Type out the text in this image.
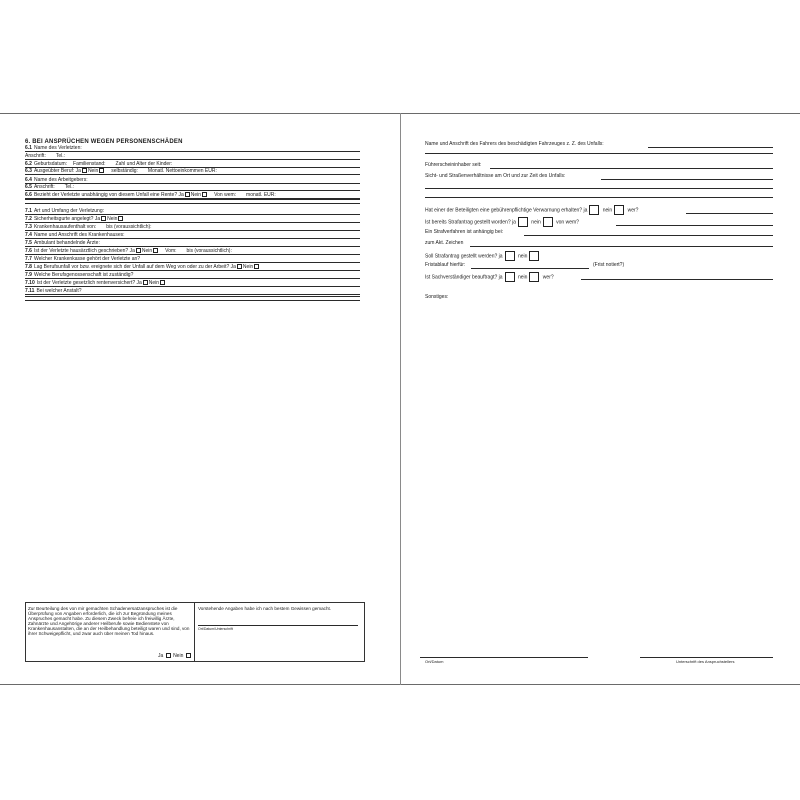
6. BEI ANSPRÜCHEN WEGEN PERSONENSCHÄDEN
6.1 Name des Verletzten:
Anschrift: Tel.:
6.2 Geburtsdatum: Familienstand: Zahl und Alter der Kinder:
6.3 Ausgeübter Beruf: Ja Nein	selbständig: Monatl. Nettoeinkommen EUR:
6.4 Name des Arbeitgebers:
6.5 Anschrift: Tel.:
6.6 Bezieht der Verletzte unabhängig von diesem Unfall eine Rente? Ja Nein	Von wem: monatl. EUR:
7.1 Art und Umfang der Verletzung:
7.2 Sicherheitsgurte angelegt? Ja Nein
7.3 Krankenhausaufenthalt von: bis (voraussichtlich):
7.4 Name und Anschrift des Krankenhauses:
7.5 Ambulant behandelnde Ärzte:
7.6 Ist der Verletzte hausärztlich geschrieben? Ja Nein	Vom: bis (voraussichtlich):
7.7 Welcher Krankenkasse gehört der Verletzte an?
7.8 Lag Berufsunfall vor bzw. ereignete sich der Unfall auf dem Weg von oder zu der Arbeit? Ja Nein
7.9 Welche Berufsgenossenschaft ist zuständig?
7.10 Ist der Verletzte gesetzlich rentenversichert? Ja Nein
7.11 Bei welcher Anstalt?
Zur Beurteilung des von mir gemachten Schadenersatzanspruches ist die Überprüfung von Angaben erforderlich, die ich zur Begründung meines Anspruches gemacht habe. Zu diesem Zweck befreie ich freiwillig Ärzte, Zahnärzte und Angehörige anderer Heilberufe sowie Bedienstete von Krankenhausanstalten, die an der Heilbehandlung beteiligt waren und sind, von ihrer Schweigepflicht, und zwar auch über meinen Tod hinaus.
Ja Nein
Vorstehende Angaben habe ich nach bestem Gewissen gemacht.
Ort/Datum/Unterschrift
Name und Anschrift des Fahrers des beschädigten Fahrzeuges z. Z. des Unfalls:
Führerscheininhaber seit:
Sicht- und Straßenverhältnisse am Ort und zur Zeit des Unfalls:
Hat einer der Beteiligten eine gebührenpflichtige Verwarnung erhalten? ja	nein	wer?
Ist bereits Strafantrag gestellt worden? ja	nein	von wem?
Ein Strafverfahren ist anhängig bei:
zum Akt. Zeichen
Soll Strafantrag gestellt werden? ja	nein
Fristablauf hierfür:	(Frist notiert?)
Ist Sachverständiger beauftragt? ja	nein	wer?
Sonstiges:
Ort/Datum	Unterschrift des Anspruchstellers
